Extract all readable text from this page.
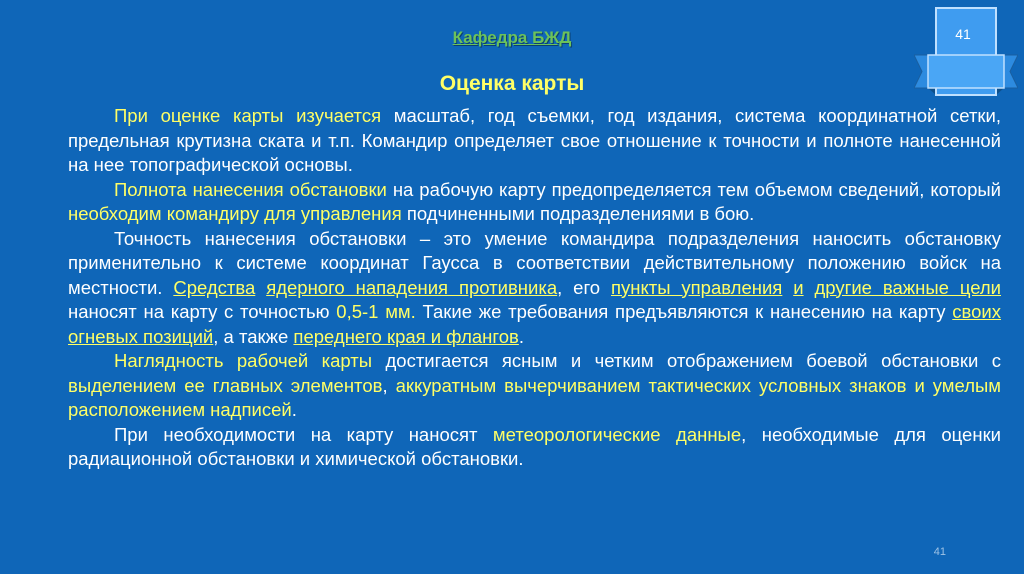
Кафедра БЖД	41
Оценка карты

При оценке карты изучается масштаб, год съемки, год издания, система координатной сетки, предельная крутизна ската и т.п. Командир определяет свое отношение к точности и полноте нанесенной на нее топографической основы.

Полнота нанесения обстановки на рабочую карту предопределяется тем объемом сведений, который необходим командиру для управления подчиненными подразделениями в бою.

Точность нанесения обстановки – это умение командира подразделения наносить обстановку применительно к системе координат Гаусса в соответствии действительному положению войск на местности. Средства ядерного нападения противника, его пункты управления и другие важные цели наносят на карту с точностью 0,5-1 мм. Такие же требования предъявляются к нанесению на карту своих огневых позиций, а также переднего края и флангов.

Наглядность рабочей карты достигается ясным и четким отображением боевой обстановки с выделением ее главных элементов, аккуратным вычерчиванием тактических условных знаков и умелым расположением надписей.

При необходимости на карту наносят метеорологические данные, необходимые для оценки радиационной обстановки и химической обстановки.

41
